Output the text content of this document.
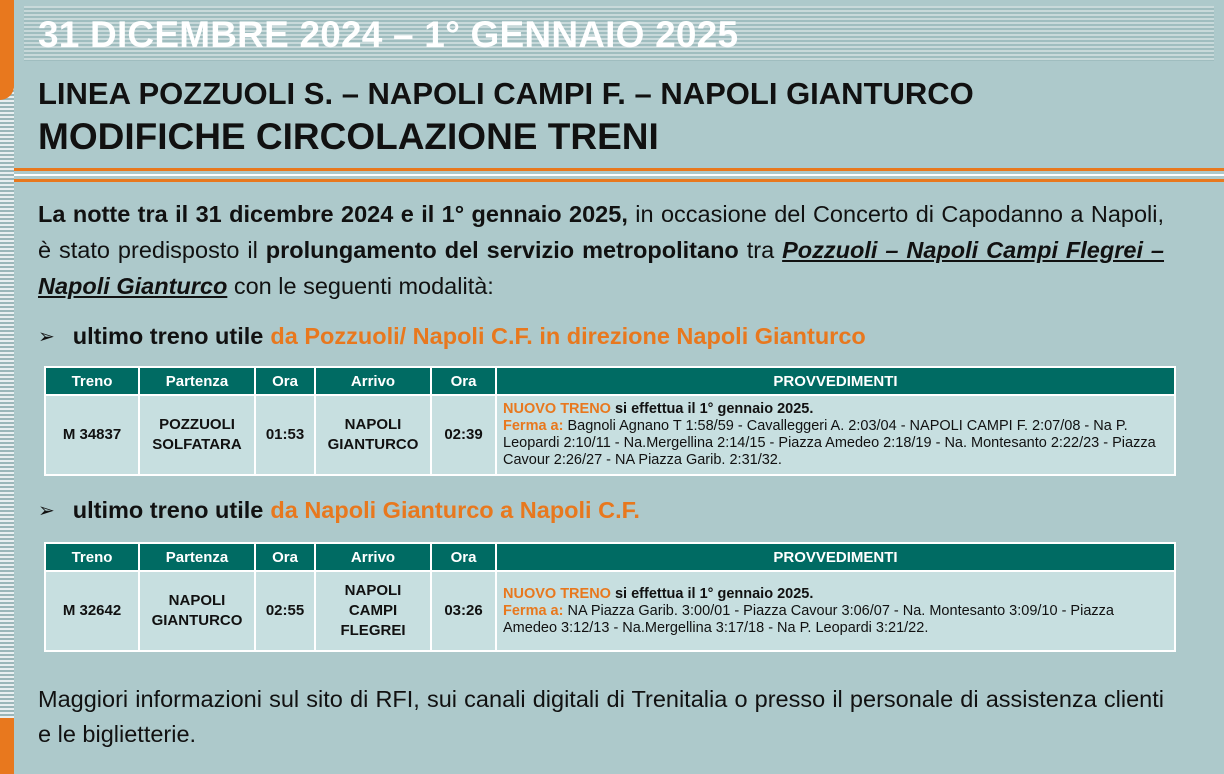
31 DICEMBRE 2024 – 1° GENNAIO 2025
LINEA POZZUOLI S. – NAPOLI CAMPI F. – NAPOLI GIANTURCO
MODIFICHE CIRCOLAZIONE TRENI

La notte tra il 31 dicembre 2024 e il 1° gennaio 2025, in occasione del Concerto di Capodanno a Napoli, è stato predisposto il prolungamento del servizio metropolitano tra Pozzuoli – Napoli Campi Flegrei – Napoli Gianturco con le seguenti modalità:

➢ ultimo treno utile da Pozzuoli/ Napoli C.F. in direzione Napoli Gianturco
Treno	Partenza	Ora	Arrivo	Ora	PROVVEDIMENTI
M 34837	POZZUOLI SOLFATARA	01:53	NAPOLI GIANTURCO	02:39	NUOVO TRENO si effettua il 1° gennaio 2025.
Ferma a: Bagnoli Agnano T 1:58/59 - Cavalleggeri A. 2:03/04 - NAPOLI CAMPI F. 2:07/08 - Na P. Leopardi 2:10/11 - Na.Mergellina 2:14/15 - Piazza Amedeo 2:18/19 - Na. Montesanto 2:22/23 - Piazza Cavour 2:26/27 - NA Piazza Garib. 2:31/32.
➢ ultimo treno utile da Napoli Gianturco a Napoli C.F.
Treno	Partenza	Ora	Arrivo	Ora	PROVVEDIMENTI
M 32642	NAPOLI GIANTURCO	02:55	NAPOLI CAMPI FLEGREI	03:26	NUOVO TRENO si effettua il 1° gennaio 2025.
Ferma a: NA Piazza Garib. 3:00/01 - Piazza Cavour 3:06/07 - Na. Montesanto 3:09/10 - Piazza Amedeo 3:12/13 - Na.Mergellina 3:17/18 - Na P. Leopardi 3:21/22.

Maggiori informazioni sul sito di RFI, sui canali digitali di Trenitalia o presso il personale di assistenza clienti e le biglietterie.
